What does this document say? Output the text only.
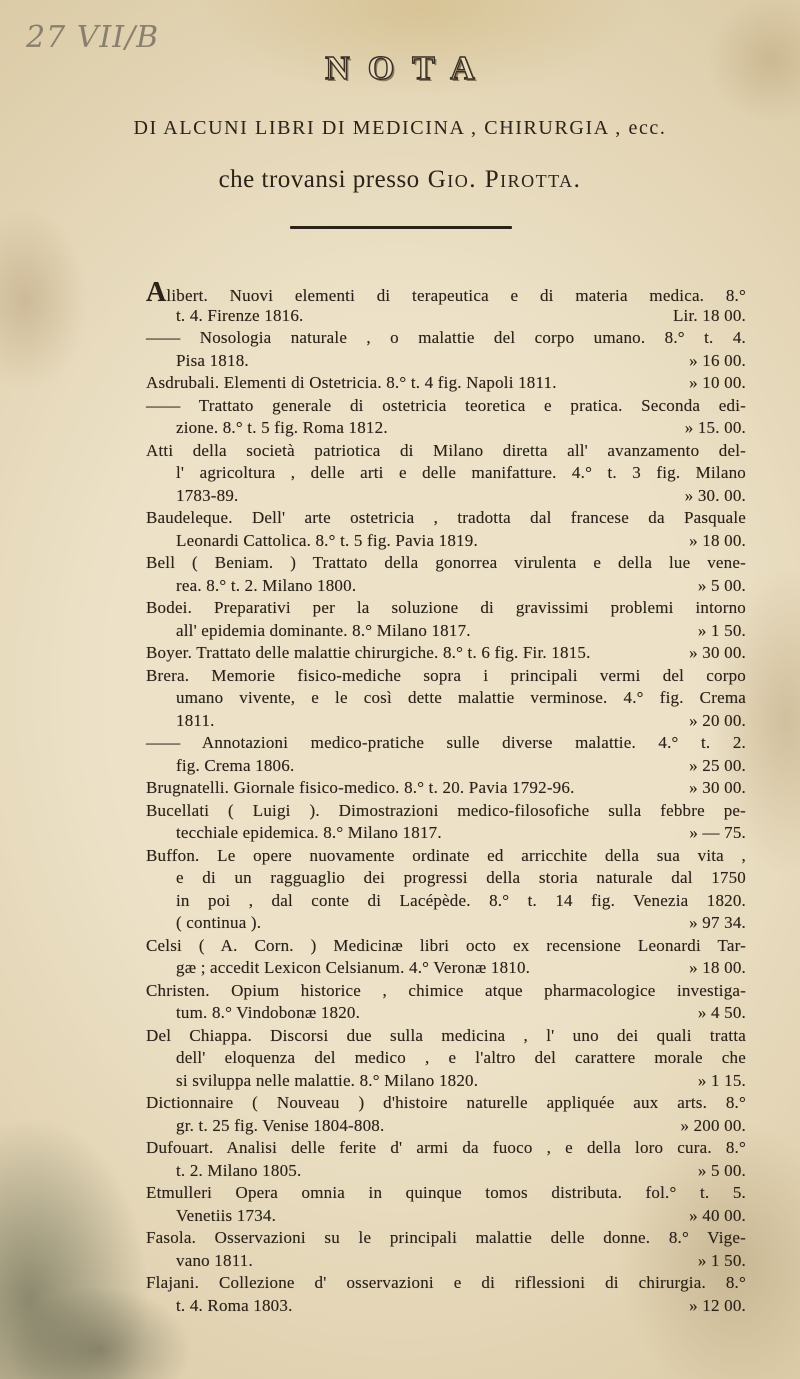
27 VII/B
NOTA
DI ALCUNI LIBRI DI MEDICINA , CHIRURGIA , ecc.
che trovansi presso Gio. Pirotta.
Alibert. Nuovi elementi di terapeutica e di materia medica. 8.°
t. 4. Firenze 1816.	Lir. 18 00.
—— Nosologia naturale , o malattie del corpo umano. 8.° t. 4.
Pisa 1818.	» 16 00.
Asdrubali. Elementi di Ostetricia. 8.° t. 4 fig. Napoli 1811.	» 10 00.
—— Trattato generale di ostetricia teoretica e pratica. Seconda edi-
zione. 8.° t. 5 fig. Roma 1812.	» 15. 00.
Atti della società patriotica di Milano diretta all' avanzamento del-
l' agricoltura , delle arti e delle manifatture. 4.° t. 3 fig. Milano
1783-89.	» 30. 00.
Baudeleque. Dell' arte ostetricia , tradotta dal francese da Pasquale
Leonardi Cattolica. 8.° t. 5 fig. Pavia 1819.	» 18 00.
Bell ( Beniam. ) Trattato della gonorrea virulenta e della lue vene-
rea. 8.° t. 2. Milano 1800.	» 5 00.
Bodei. Preparativi per la soluzione di gravissimi problemi intorno
all' epidemia dominante. 8.° Milano 1817.	» 1 50.
Boyer. Trattato delle malattie chirurgiche. 8.° t. 6 fig. Fir. 1815.	» 30 00.
Brera. Memorie fisico-mediche sopra i principali vermi del corpo
umano vivente, e le così dette malattie verminose. 4.° fig. Crema
1811.	» 20 00.
—— Annotazioni medico-pratiche sulle diverse malattie. 4.° t. 2.
fig. Crema 1806.	» 25 00.
Brugnatelli. Giornale fisico-medico. 8.° t. 20. Pavia 1792-96.	» 30 00.
Bucellati ( Luigi ). Dimostrazioni medico-filosofiche sulla febbre pe-
tecchiale epidemica. 8.° Milano 1817.	» — 75.
Buffon. Le opere nuovamente ordinate ed arricchite della sua vita ,
e di un ragguaglio dei progressi della storia naturale dal 1750
in poi , dal conte di Lacépède. 8.° t. 14 fig. Venezia 1820.
( continua ).	» 97 34.
Celsi ( A. Corn. ) Medicinæ libri octo ex recensione Leonardi Tar-
gæ ; accedit Lexicon Celsianum. 4.° Veronæ 1810.	» 18 00.
Christen. Opium historice , chimice atque pharmacologice investiga-
tum. 8.° Vindobonæ 1820.	» 4 50.
Del Chiappa. Discorsi due sulla medicina , l' uno dei quali tratta
dell' eloquenza del medico , e l'altro del carattere morale che
si sviluppa nelle malattie. 8.° Milano 1820.	» 1 15.
Dictionnaire ( Nouveau ) d'histoire naturelle appliquée aux arts. 8.°
gr. t. 25 fig. Venise 1804-808.	» 200 00.
Dufouart. Analisi delle ferite d' armi da fuoco , e della loro cura. 8.°
t. 2. Milano 1805.	» 5 00.
Etmulleri Opera omnia in quinque tomos distributa. fol.° t. 5.
Venetiis 1734.	» 40 00.
Fasola. Osservazioni su le principali malattie delle donne. 8.° Vige-
vano 1811.	» 1 50.
Flajani. Collezione d' osservazioni e di riflessioni di chirurgia. 8.°
t. 4. Roma 1803.	» 12 00.
